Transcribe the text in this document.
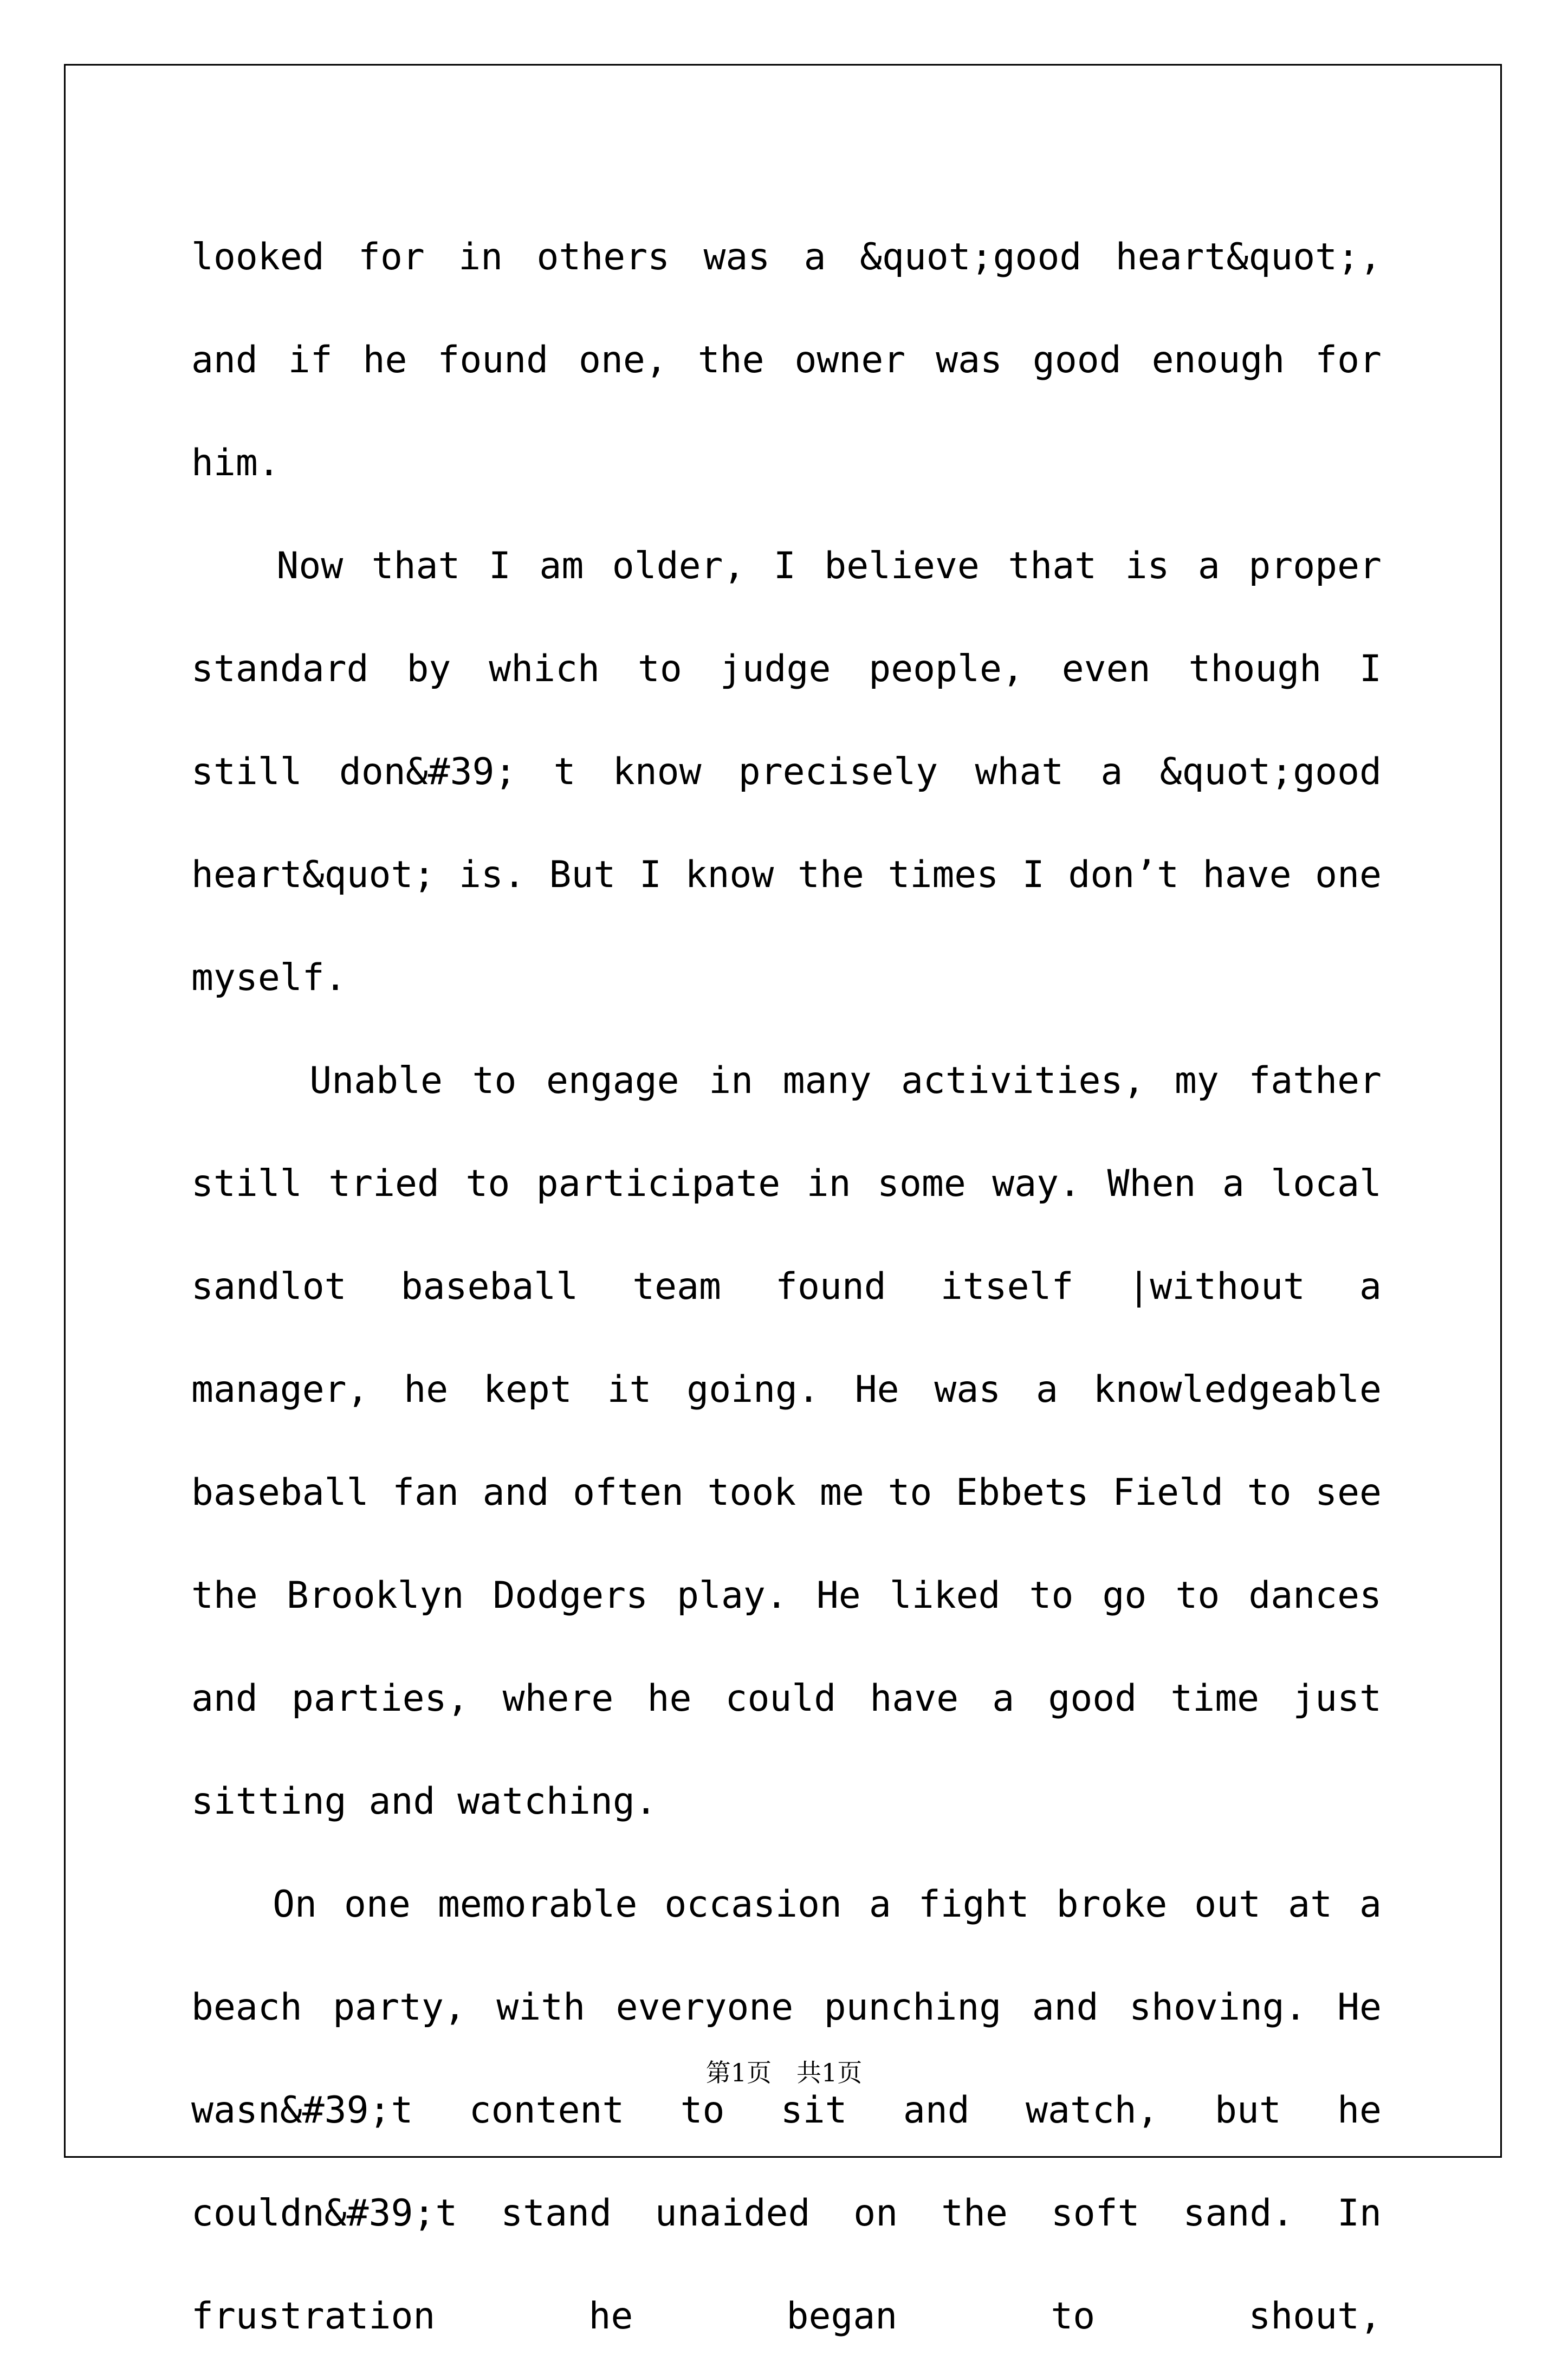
looked for in others was a &quot;good heart&quot;, and if he found one, the owner was good enough for him.

Now that I am older, I believe that is a proper standard by which to judge people, even though I still don&#39; t know precisely what a &quot;good heart&quot; is. But I know the times I don’t have one myself.

Unable to engage in many activities, my father still tried to participate in some way. When a local sandlot baseball team found itself |without a manager, he kept it going. He was a knowledgeable baseball fan and often took me to Ebbets Field to see the Brooklyn Dodgers play. He liked to go to dances and parties, where he could have a good time just sitting and watching.

On one memorable occasion a fight broke out at a beach party, with everyone punching and shoving. He wasn&#39;t content to sit and watch, but he couldn&#39;t stand unaided on the soft sand. In frustration he began to shout,

第1页　共1页
